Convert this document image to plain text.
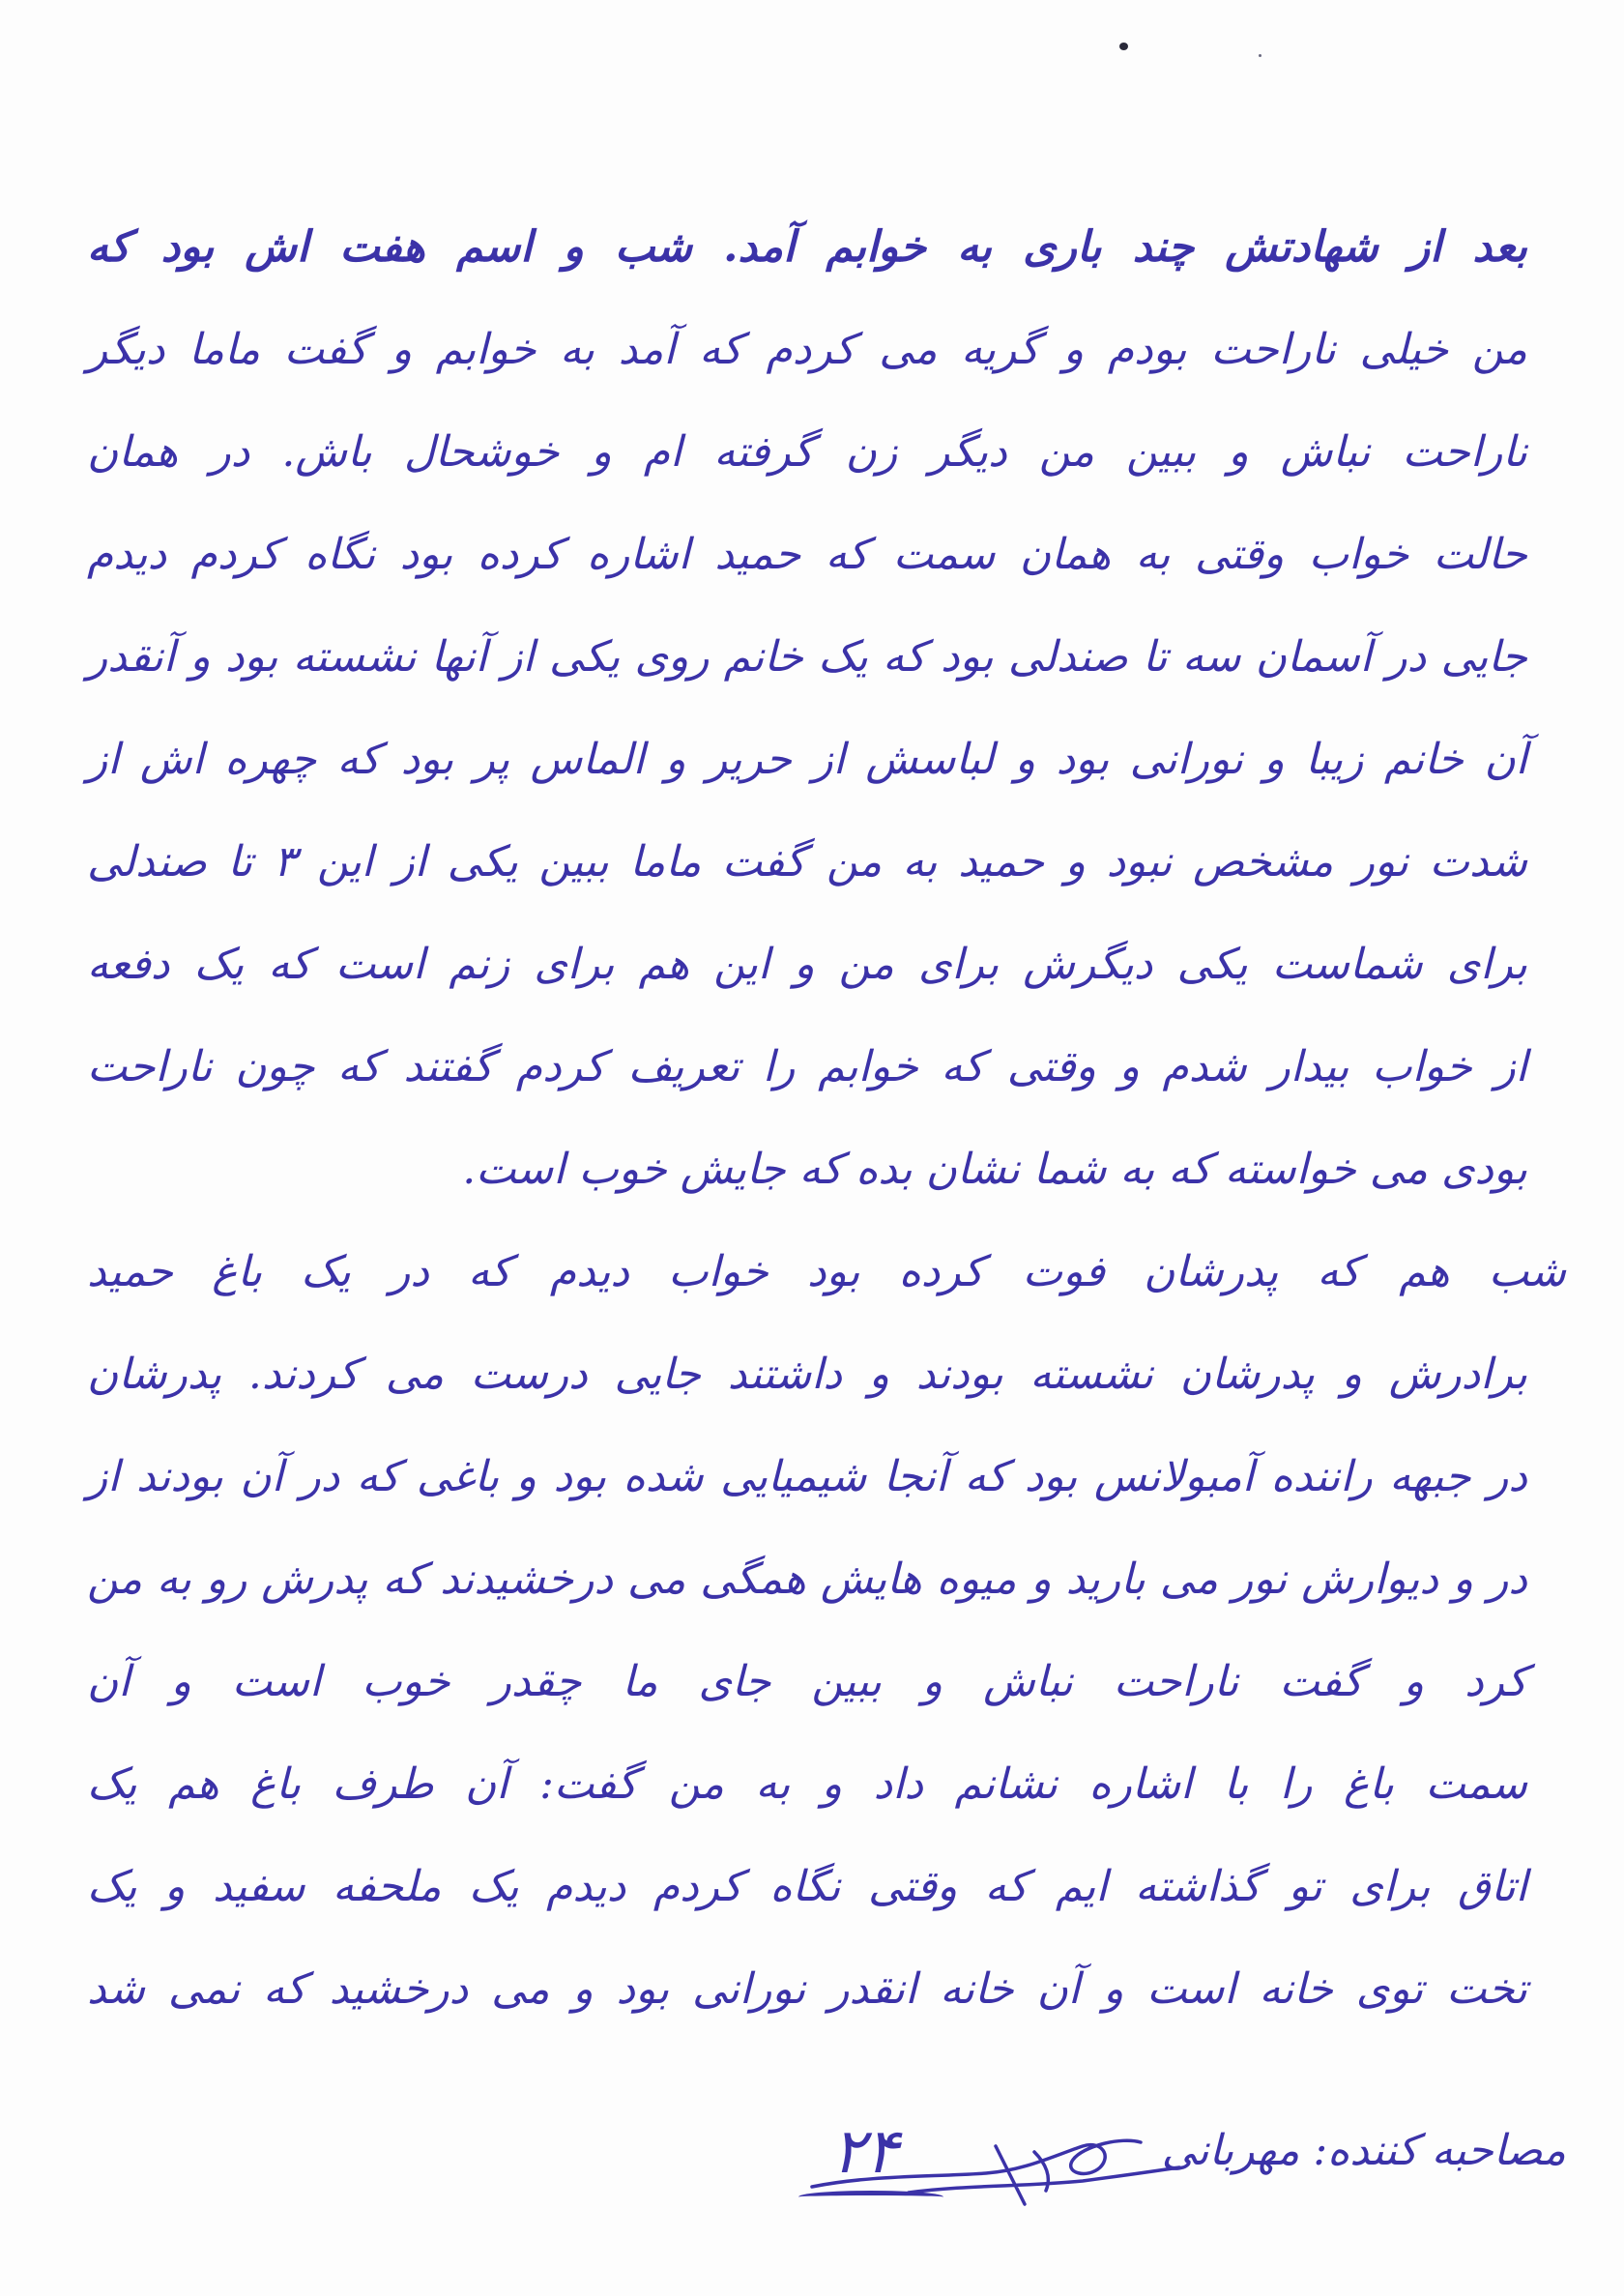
بعد از شهادتش چند باری به خوابم آمد. شب و اسم هفت اش بود که
من خیلی ناراحت بودم و گریه می کردم که آمد به خوابم و گفت ماما دیگر
ناراحت نباش و ببین من دیگر زن گرفته ام و خوشحال باش. در همان
حالت خواب وقتی به همان سمت که حمید اشاره کرده بود نگاه کردم دیدم
جایی در آسمان سه تا صندلی بود که یک خانم روی یکی از آنها نشسته بود و آنقدر
آن خانم زیبا و نورانی بود و لباسش از حریر و الماس پر بود که چهره اش از
شدت نور مشخص نبود و حمید به من گفت ماما ببین یکی از این ۳ تا صندلی
برای شماست یکی دیگرش برای من و این هم برای زنم است که یک دفعه
از خواب بیدار شدم و وقتی که خوابم را تعریف کردم گفتند که چون ناراحت
بودی می خواسته که به شما نشان بده که جایش خوب است.
شب هم که پدرشان فوت کرده بود خواب دیدم که در یک باغ حمید
برادرش و پدرشان نشسته بودند و داشتند جایی درست می کردند. پدرشان
در جبهه راننده آمبولانس بود که آنجا شیمیایی شده بود و باغی که در آن بودند از
در و دیوارش نور می بارید و میوه هایش همگی می درخشیدند که پدرش رو به من
کرد و گفت ناراحت نباش و ببین جای ما چقدر خوب است و آن
سمت باغ را با اشاره نشانم داد و به من گفت: آن طرف باغ هم یک
اتاق برای تو گذاشته ایم که وقتی نگاه کردم دیدم یک ملحفه سفید و یک
تخت توی خانه است و آن خانه انقدر نورانی بود و می درخشید که نمی شد
مصاحبه کننده: مهربانی
۲۴
